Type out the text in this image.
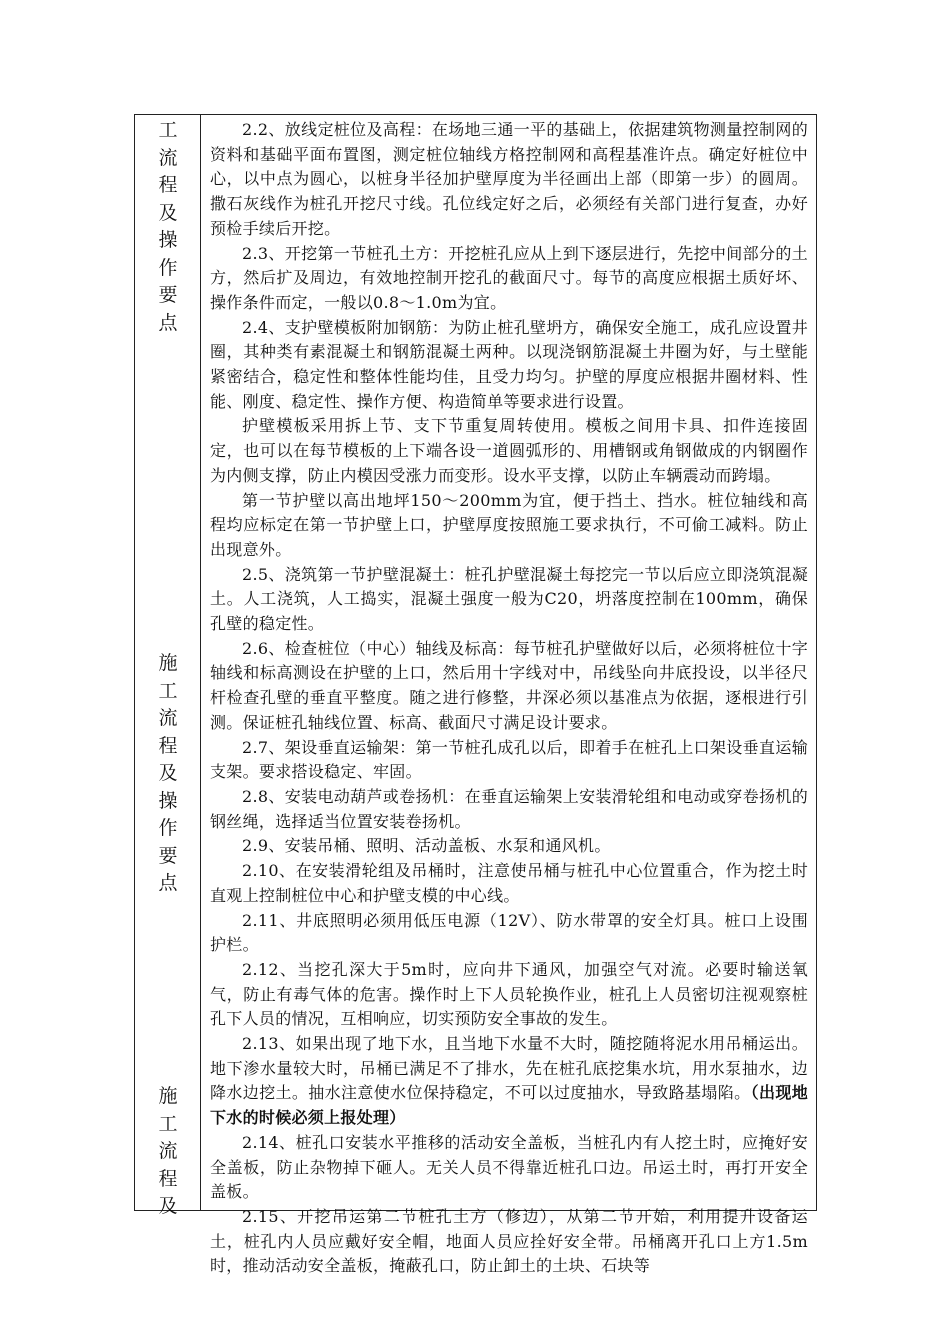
工
流
程
及
操
作
要
点
施
工
流
程
及
操
作
要
点
施
工
流
程
及

2.2、放线定桩位及高程：在场地三通一平的基础上，依据建筑物测量控制网的资料和基础平面布置图，测定桩位轴线方格控制网和高程基准许点。确定好桩位中心，以中点为圆心，以桩身半径加护壁厚度为半径画出上部（即第一步）的圆周。撒石灰线作为桩孔开挖尺寸线。孔位线定好之后，必须经有关部门进行复查，办好预检手续后开挖。

2.3、开挖第一节桩孔土方：开挖桩孔应从上到下逐层进行，先挖中间部分的土方，然后扩及周边，有效地控制开挖孔的截面尺寸。每节的高度应根据土质好坏、操作条件而定，一般以0.8～1.0m为宜。

2.4、支护壁模板附加钢筋：为防止桩孔壁坍方，确保安全施工，成孔应设置井圈，其种类有素混凝土和钢筋混凝土两种。以现浇钢筋混凝土井圈为好，与土壁能紧密结合，稳定性和整体性能均佳，且受力均匀。护壁的厚度应根据井圈材料、性能、刚度、稳定性、操作方便、构造简单等要求进行设置。

护壁模板采用拆上节、支下节重复周转使用。模板之间用卡具、扣件连接固定，也可以在每节模板的上下端各设一道圆弧形的、用槽钢或角钢做成的内钢圈作为内侧支撑，防止内模因受涨力而变形。设水平支撑，以防止车辆震动而跨塌。

第一节护壁以高出地坪150～200mm为宜，便于挡土、挡水。桩位轴线和高程均应标定在第一节护壁上口，护壁厚度按照施工要求执行，不可偷工减料。防止出现意外。

2.5、浇筑第一节护壁混凝土：桩孔护壁混凝土每挖完一节以后应立即浇筑混凝土。人工浇筑，人工捣实，混凝土强度一般为C20，坍落度控制在100mm，确保孔壁的稳定性。

2.6、检查桩位（中心）轴线及标高：每节桩孔护壁做好以后，必须将桩位十字轴线和标高测设在护壁的上口，然后用十字线对中，吊线坠向井底投设，以半径尺杆检查孔壁的垂直平整度。随之进行修整，井深必须以基准点为依据，逐根进行引测。保证桩孔轴线位置、标高、截面尺寸满足设计要求。

2.7、架设垂直运输架：第一节桩孔成孔以后，即着手在桩孔上口架设垂直运输支架。要求搭设稳定、牢固。

2.8、安装电动葫芦或卷扬机：在垂直运输架上安装滑轮组和电动或穿卷扬机的钢丝绳，选择适当位置安装卷扬机。

2.9、安装吊桶、照明、活动盖板、水泵和通风机。

2.10、在安装滑轮组及吊桶时，注意使吊桶与桩孔中心位置重合，作为挖土时直观上控制桩位中心和护壁支模的中心线。

2.11、井底照明必须用低压电源（12V）、防水带罩的安全灯具。桩口上设围护栏。

2.12、当挖孔深大于5m时，应向井下通风，加强空气对流。必要时输送氧气，防止有毒气体的危害。操作时上下人员轮换作业，桩孔上人员密切注视观察桩孔下人员的情况，互相响应，切实预防安全事故的发生。

2.13、如果出现了地下水，且当地下水量不大时，随挖随将泥水用吊桶运出。地下渗水量较大时，吊桶已满足不了排水，先在桩孔底挖集水坑，用水泵抽水，边降水边挖土。抽水注意使水位保持稳定，不可以过度抽水，导致路基塌陷。（出现地下水的时候必须上报处理）

2.14、桩孔口安装水平推移的活动安全盖板，当桩孔内有人挖土时，应掩好安全盖板，防止杂物掉下砸人。无关人员不得靠近桩孔口边。吊运土时，再打开安全盖板。

2.15、开挖吊运第二节桩孔土方（修边），从第二节开始，利用提升设备运土，桩孔内人员应戴好安全帽，地面人员应拴好安全带。吊桶离开孔口上方1.5m时，推动活动安全盖板，掩蔽孔口，防止卸土的土块、石块等
